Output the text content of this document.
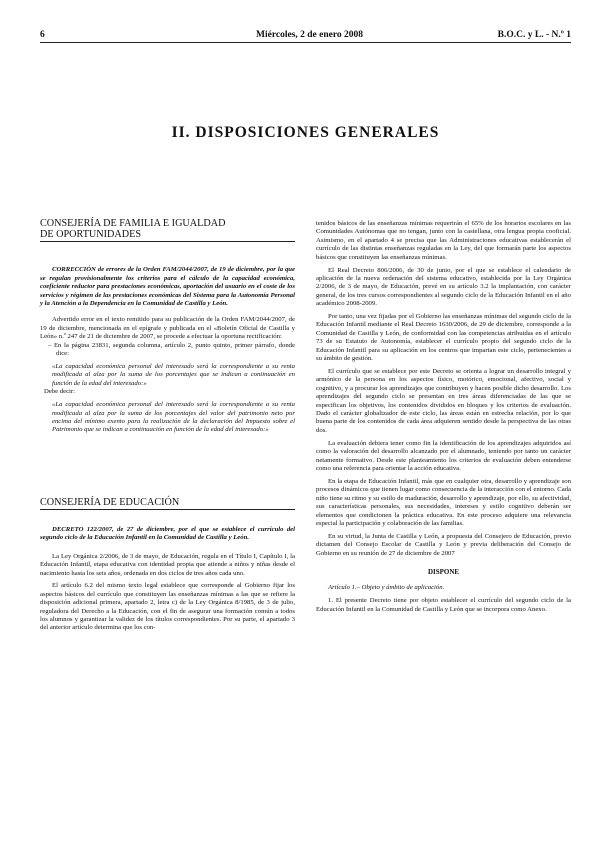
6	Miércoles, 2 de enero 2008	B.O.C. y L. - N.º 1
II. DISPOSICIONES GENERALES
CONSEJERÍA DE FAMILIA E IGUALDAD
DE OPORTUNIDADES

CORRECCIÓN de errores de la Orden FAM/2044/2007, de 19 de diciembre, por la que se regulan provisionalmente los criterios para el cálculo de la capacidad económica, coeficiente reductor para prestaciones económicas, aportación del usuario en el coste de los servicios y régimen de las prestaciones económicas del Sistema para la Autonomía Personal y la Atención a la Dependencia en la Comunidad de Castilla y León.

Advertido error en el texto remitido para su publicación de la Orden FAM/2044/2007, de 19 de diciembre, mencionada en el epígrafe y publicada en el «Boletín Oficial de Castilla y León» n.º 247 de 21 de diciembre de 2007, se procede a efectuar la oportuna rectificación:

– En la página 23831, segunda columna, artículo 2, punto quinto, primer párrafo, donde dice:

«La capacidad económica personal del interesado será la correspondiente a su renta modificada al alza por la suma de los porcentajes que se indican a continuación en función de la edad del interesado:»

Debe decir:

«La capacidad económica personal del interesado será la correspondiente a su renta modificada al alza por la suma de los porcentajes del valor del patrimonio neto por encima del mínimo exento para la realización de la declaración del Impuesto sobre el Patrimonio que se indican a continuación en función de la edad del interesado:»

CONSEJERÍA DE EDUCACIÓN

DECRETO 122/2007, de 27 de diciembre, por el que se establece el currículo del segundo ciclo de la Educación Infantil en la Comunidad de Castilla y León.

La Ley Orgánica 2/2006, de 3 de mayo, de Educación, regula en el Título I, Capítulo I, la Educación Infantil, etapa educativa con identidad propia que atiende a niños y niñas desde el nacimiento hasta los seis años, ordenada en dos ciclos de tres años cada uno.

El artículo 6.2 del mismo texto legal establece que corresponde al Gobierno fijar los aspectos básicos del currículo que constituyen las enseñanzas mínimas a las que se refiere la disposición adicional primera, apartado 2, letra c) de la Ley Orgánica 8/1985, de 3 de julio, reguladora del Derecho a la Educación, con el fin de asegurar una formación común a todos los alumnos y garantizar la validez de los títulos correspondientes. Por su parte, el apartado 3 del anterior artículo determina que los con-

tenidos básicos de las enseñanzas mínimas requerirán el 65% de los horarios escolares en las Comunidades Autónomas que no tengan, junto con la castellana, otra lengua propia cooficial. Asimismo, en el apartado 4 se precisa que las Administraciones educativas establecerán el currículo de las distintas enseñanzas reguladas en la Ley, del que formarán parte los aspectos básicos que constituyen las enseñanzas mínimas.

El Real Decreto 806/2006, de 30 de junio, por el que se establece el calendario de aplicación de la nueva ordenación del sistema educativo, establecida por la Ley Orgánica 2/2006, de 3 de mayo, de Educación, prevé en su artículo 3.2 la implantación, con carácter general, de los tres cursos correspondientes al segundo ciclo de la Educación Infantil en el año académico 2008-2009.

Por tanto, una vez fijadas por el Gobierno las enseñanzas mínimas del segundo ciclo de la Educación Infantil mediante el Real Decreto 1630/2006, de 29 de diciembre, corresponde a la Comunidad de Castilla y León, de conformidad con las competencias atribuidas en el artículo 73 de su Estatuto de Autonomía, establecer el currículo propio del segundo ciclo de la Educación Infantil para su aplicación en los centros que impartan este ciclo, pertenecientes a su ámbito de gestión.

El currículo que se establece por este Decreto se orienta a lograr un desarrollo integral y armónico de la persona en los aspectos físico, motórico, emocional, afectivo, social y cognitivo, y a procurar los aprendizajes que contribuyen y hacen posible dicho desarrollo. Los aprendizajes del segundo ciclo se presentan en tres áreas diferenciadas de las que se especifican los objetivos, los contenidos divididos en bloques y los criterios de evaluación. Dado el carácter globalizador de este ciclo, las áreas están en estrecha relación, por lo que buena parte de los contenidos de cada área adquieren sentido desde la perspectiva de las otras dos.

La evaluación debiera tener como fin la identificación de los aprendizajes adquiridos así como la valoración del desarrollo alcanzado por el alumnado, teniendo por tanto un carácter netamente formativo. Desde este planteamiento los criterios de evaluación deben entenderse como una referencia para orientar la acción educativa.

En la etapa de Educación Infantil, más que en cualquier otra, desarrollo y aprendizaje son procesos dinámicos que tienen lugar como consecuencia de la interacción con el entorno. Cada niño tiene su ritmo y su estilo de maduración, desarrollo y aprendizaje, por ello, su afectividad, sus características personales, sus necesidades, intereses y estilo cognitivo deberán ser elementos que condicionen la práctica educativa. En este proceso adquiere una relevancia especial la participación y colaboración de las familias.

En su virtud, la Junta de Castilla y León, a propuesta del Consejero de Educación, previo dictamen del Consejo Escolar de Castilla y León y previa deliberación del Consejo de Gobierno en su reunión de 27 de diciembre de 2007

DISPONE

Artículo 1.– Objeto y ámbito de aplicación.

1. El presente Decreto tiene por objeto establecer el currículo del segundo ciclo de la Educación Infantil en la Comunidad de Castilla y León que se incorpora como Anexo.
